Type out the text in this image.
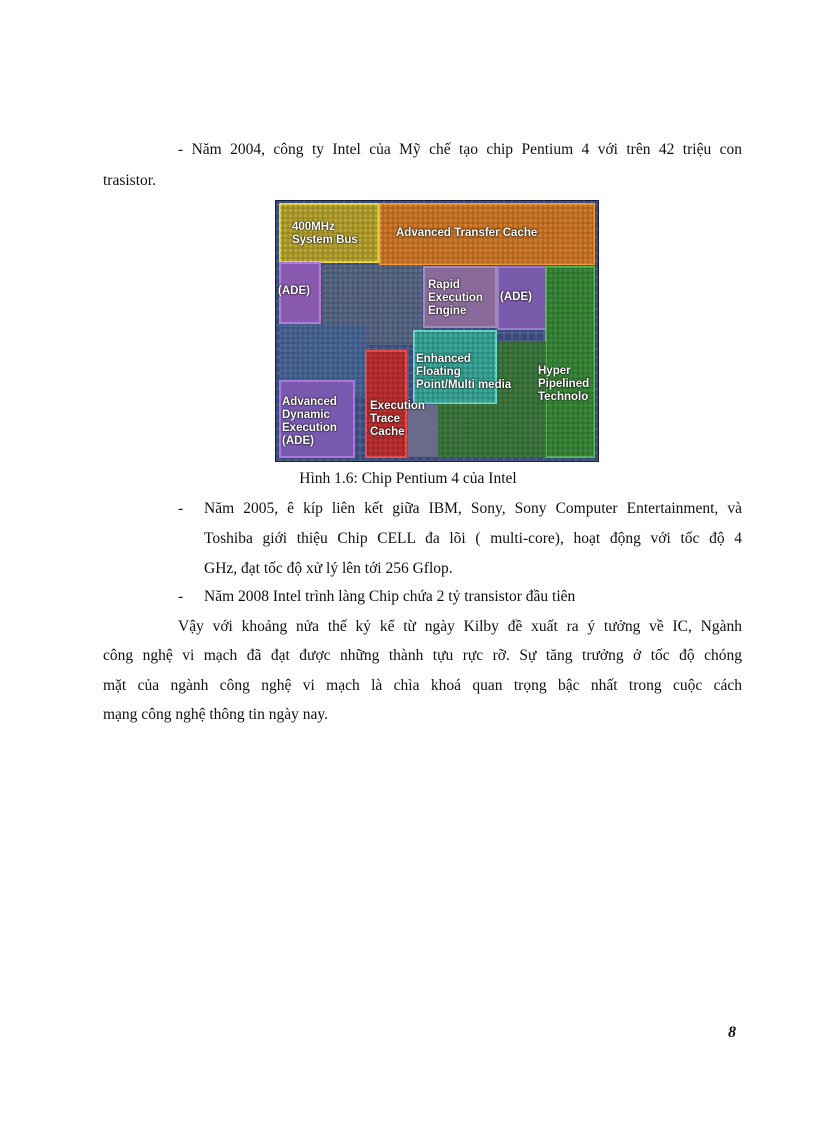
- Năm 2004, công ty Intel của Mỹ chế tạo chip Pentium 4 với trên 42 triệu con

trasistor.

400MHz
System Bus
Advanced Transfer Cache
(ADE)	Rapid
Execution
Engine
(ADE)
Enhanced
Floating
Point/Multi media
Hyper
Pipelined
Technolo
Advanced
Dynamic
Execution
(ADE)
Execution
Trace
Cache
Hình 1.6: Chip Pentium 4 của Intel
- Năm 2005, ê kíp liên kết giữa IBM, Sony, Sony Computer Entertainment, và

Toshiba giới thiệu Chip CELL đa lõi ( multi-core), hoạt động với tốc độ 4

GHz, đạt tốc độ xử lý lên tới 256 Gflop.

- Năm 2008 Intel trình làng Chip chứa 2 tỷ transistor đầu tiên

Vậy với khoảng nửa thế kỷ kể từ ngày Kilby đề xuất ra ý tưởng về IC, Ngành

công nghệ vi mạch đã đạt được những thành tựu rực rỡ. Sự tăng trưởng ở tốc độ chóng

mặt của ngành công nghệ vi mạch là chìa khoá quan trọng bậc nhất trong cuộc cách

mạng công nghệ thông tin ngày nay.

8
